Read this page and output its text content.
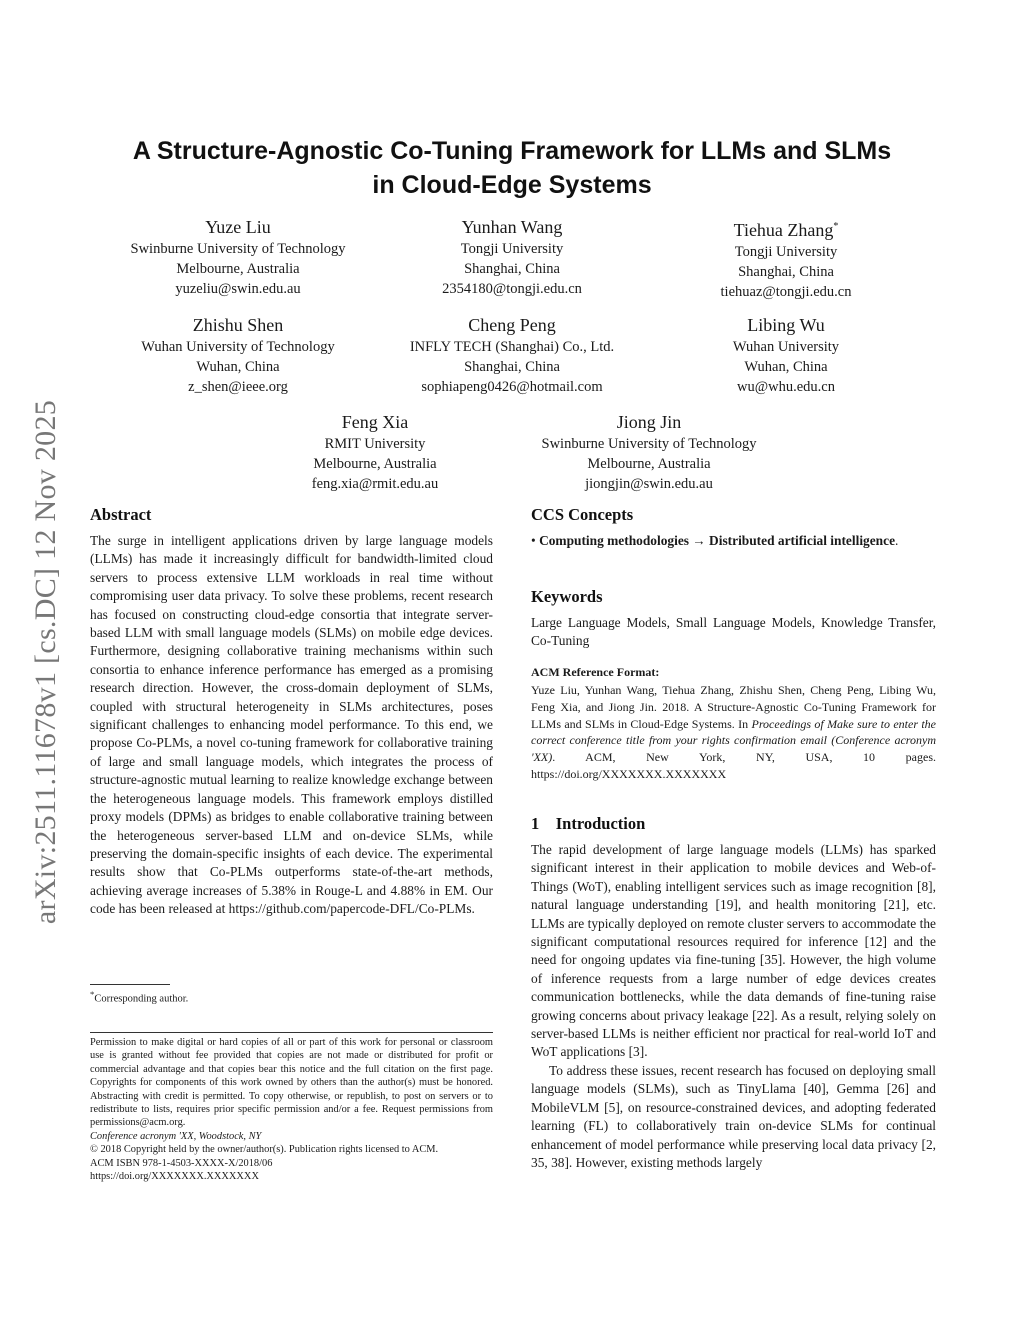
arXiv:2511.11678v1 [cs.DC] 12 Nov 2025
A Structure-Agnostic Co-Tuning Framework for LLMs and SLMs
in Cloud-Edge Systems
Yuze Liu
Swinburne University of Technology
Melbourne, Australia
yuzeliu@swin.edu.au
Yunhan Wang
Tongji University
Shanghai, China
2354180@tongji.edu.cn
Tiehua Zhang*
Tongji University
Shanghai, China
tiehuaz@tongji.edu.cn
Zhishu Shen
Wuhan University of Technology
Wuhan, China
z_shen@ieee.org
Cheng Peng
INFLY TECH (Shanghai) Co., Ltd.
Shanghai, China
sophiapeng0426@hotmail.com
Libing Wu
Wuhan University
Wuhan, China
wu@whu.edu.cn
Feng Xia
RMIT University
Melbourne, Australia
feng.xia@rmit.edu.au
Jiong Jin
Swinburne University of Technology
Melbourne, Australia
jiongjin@swin.edu.au
Abstract
The surge in intelligent applications driven by large language models (LLMs) has made it increasingly difficult for bandwidth-limited cloud servers to process extensive LLM workloads in real time without compromising user data privacy. To solve these problems, recent research has focused on constructing cloud-edge consortia that integrate server-based LLM with small language models (SLMs) on mobile edge devices. Furthermore, designing collaborative training mechanisms within such consortia to enhance inference performance has emerged as a promising research direction. However, the cross-domain deployment of SLMs, coupled with structural heterogeneity in SLMs architectures, poses significant challenges to enhancing model performance. To this end, we propose Co-PLMs, a novel co-tuning framework for collaborative training of large and small language models, which integrates the process of structure-agnostic mutual learning to realize knowledge exchange between the heterogeneous language models. This framework employs distilled proxy models (DPMs) as bridges to enable collaborative training between the heterogeneous server-based LLM and on-device SLMs, while preserving the domain-specific insights of each device. The experimental results show that Co-PLMs outperforms state-of-the-art methods, achieving average increases of 5.38% in Rouge-L and 4.88% in EM. Our code has been released at https://github.com/papercode-DFL/Co-PLMs.
*Corresponding author.
Permission to make digital or hard copies of all or part of this work for personal or classroom use is granted without fee provided that copies are not made or distributed for profit or commercial advantage and that copies bear this notice and the full citation on the first page. Copyrights for components of this work owned by others than the author(s) must be honored. Abstracting with credit is permitted. To copy otherwise, or republish, to post on servers or to redistribute to lists, requires prior specific permission and/or a fee. Request permissions from permissions@acm.org.
Conference acronym 'XX, Woodstock, NY
© 2018 Copyright held by the owner/author(s). Publication rights licensed to ACM.
ACM ISBN 978-1-4503-XXXX-X/2018/06
https://doi.org/XXXXXXX.XXXXXXX
CCS Concepts
• Computing methodologies → Distributed artificial intelligence.
Keywords
Large Language Models, Small Language Models, Knowledge Transfer, Co-Tuning
ACM Reference Format:
Yuze Liu, Yunhan Wang, Tiehua Zhang, Zhishu Shen, Cheng Peng, Libing Wu, Feng Xia, and Jiong Jin. 2018. A Structure-Agnostic Co-Tuning Framework for LLMs and SLMs in Cloud-Edge Systems. In Proceedings of Make sure to enter the correct conference title from your rights confirmation email (Conference acronym 'XX). ACM, New York, NY, USA, 10 pages. https://doi.org/XXXXXXX.XXXXXXX
1    Introduction

The rapid development of large language models (LLMs) has sparked significant interest in their application to mobile devices and Web-of-Things (WoT), enabling intelligent services such as image recognition [8], natural language understanding [19], and health monitoring [21], etc. LLMs are typically deployed on remote cluster servers to accommodate the significant computational resources required for inference [12] and the need for ongoing updates via fine-tuning [35]. However, the high volume of inference requests from a large number of edge devices creates communication bottlenecks, while the data demands of fine-tuning raise growing concerns about privacy leakage [22]. As a result, relying solely on server-based LLMs is neither efficient nor practical for real-world IoT and WoT applications [3].

To address these issues, recent research has focused on deploying small language models (SLMs), such as TinyLlama [40], Gemma [26] and MobileVLM [5], on resource-constrained devices, and adopting federated learning (FL) to collaboratively train on-device SLMs for continual enhancement of model performance while preserving local data privacy [2, 35, 38]. However, existing methods largely
